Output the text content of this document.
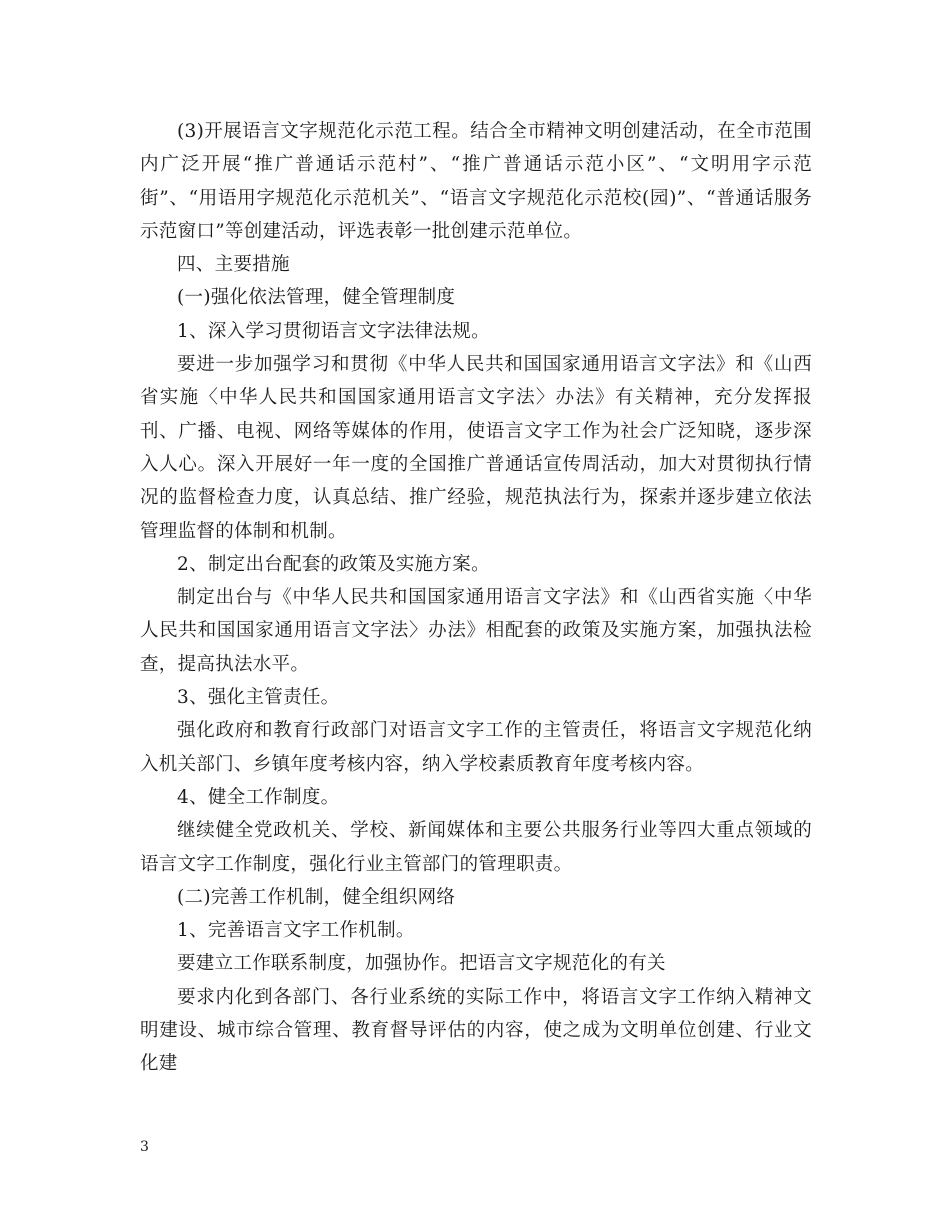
(3)开展语言文字规范化示范工程。结合全市精神文明创建活动，在全市范围内广泛开展“推广普通话示范村”、“推广普通话示范小区”、“文明用字示范街”、“用语用字规范化示范机关”、“语言文字规范化示范校(园)”、“普通话服务示范窗口”等创建活动，评选表彰一批创建示范单位。

四、主要措施

(一)强化依法管理，健全管理制度

1、深入学习贯彻语言文字法律法规。

要进一步加强学习和贯彻《中华人民共和国国家通用语言文字法》和《山西省实施〈中华人民共和国国家通用语言文字法〉办法》有关精神，充分发挥报刊、广播、电视、网络等媒体的作用，使语言文字工作为社会广泛知晓，逐步深入人心。深入开展好一年一度的全国推广普通话宣传周活动，加大对贯彻执行情况的监督检查力度，认真总结、推广经验，规范执法行为，探索并逐步建立依法管理监督的体制和机制。

2、制定出台配套的政策及实施方案。

制定出台与《中华人民共和国国家通用语言文字法》和《山西省实施〈中华人民共和国国家通用语言文字法〉办法》相配套的政策及实施方案，加强执法检查，提高执法水平。

3、强化主管责任。

强化政府和教育行政部门对语言文字工作的主管责任，将语言文字规范化纳入机关部门、乡镇年度考核内容，纳入学校素质教育年度考核内容。

4、健全工作制度。

继续健全党政机关、学校、新闻媒体和主要公共服务行业等四大重点领域的语言文字工作制度，强化行业主管部门的管理职责。

(二)完善工作机制，健全组织网络

1、完善语言文字工作机制。

要建立工作联系制度，加强协作。把语言文字规范化的有关

要求内化到各部门、各行业系统的实际工作中，将语言文字工作纳入精神文明建设、城市综合管理、教育督导评估的内容，使之成为文明单位创建、行业文化建

3
